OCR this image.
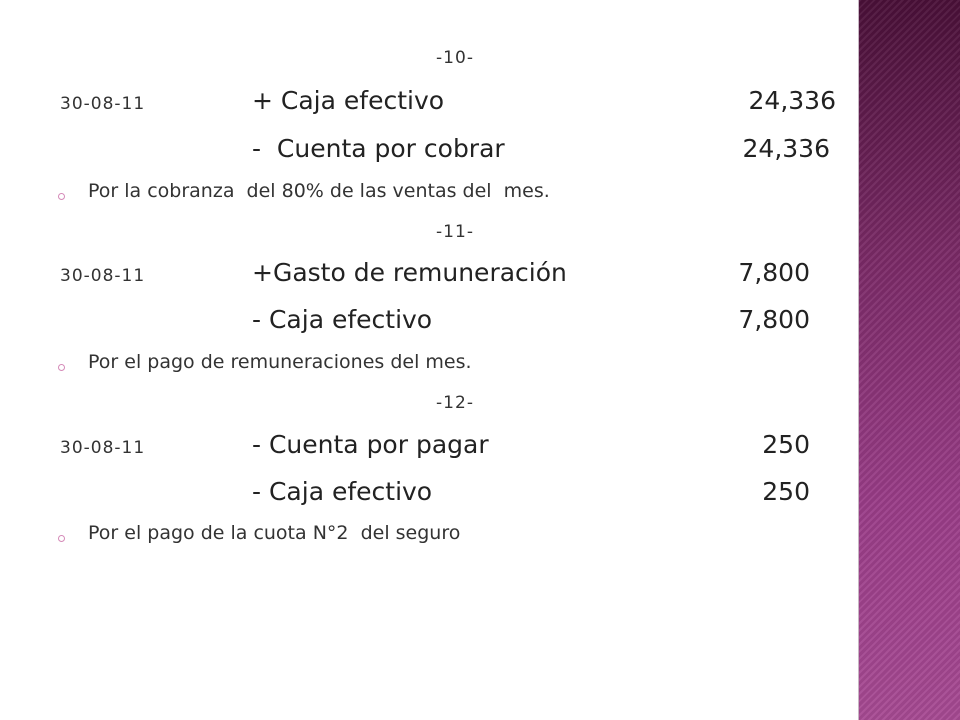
-10-
30-08-11	+ Caja efectivo	24,336
-  Cuenta por cobrar	24,336
Por la cobranza  del 80% de las ventas del  mes.
-11-
30-08-11	+Gasto de remuneración	7,800
- Caja efectivo	7,800
Por el pago de remuneraciones del mes.
-12-
30-08-11	- Cuenta por pagar	250
- Caja efectivo	250
Por el pago de la cuota N°2  del seguro
